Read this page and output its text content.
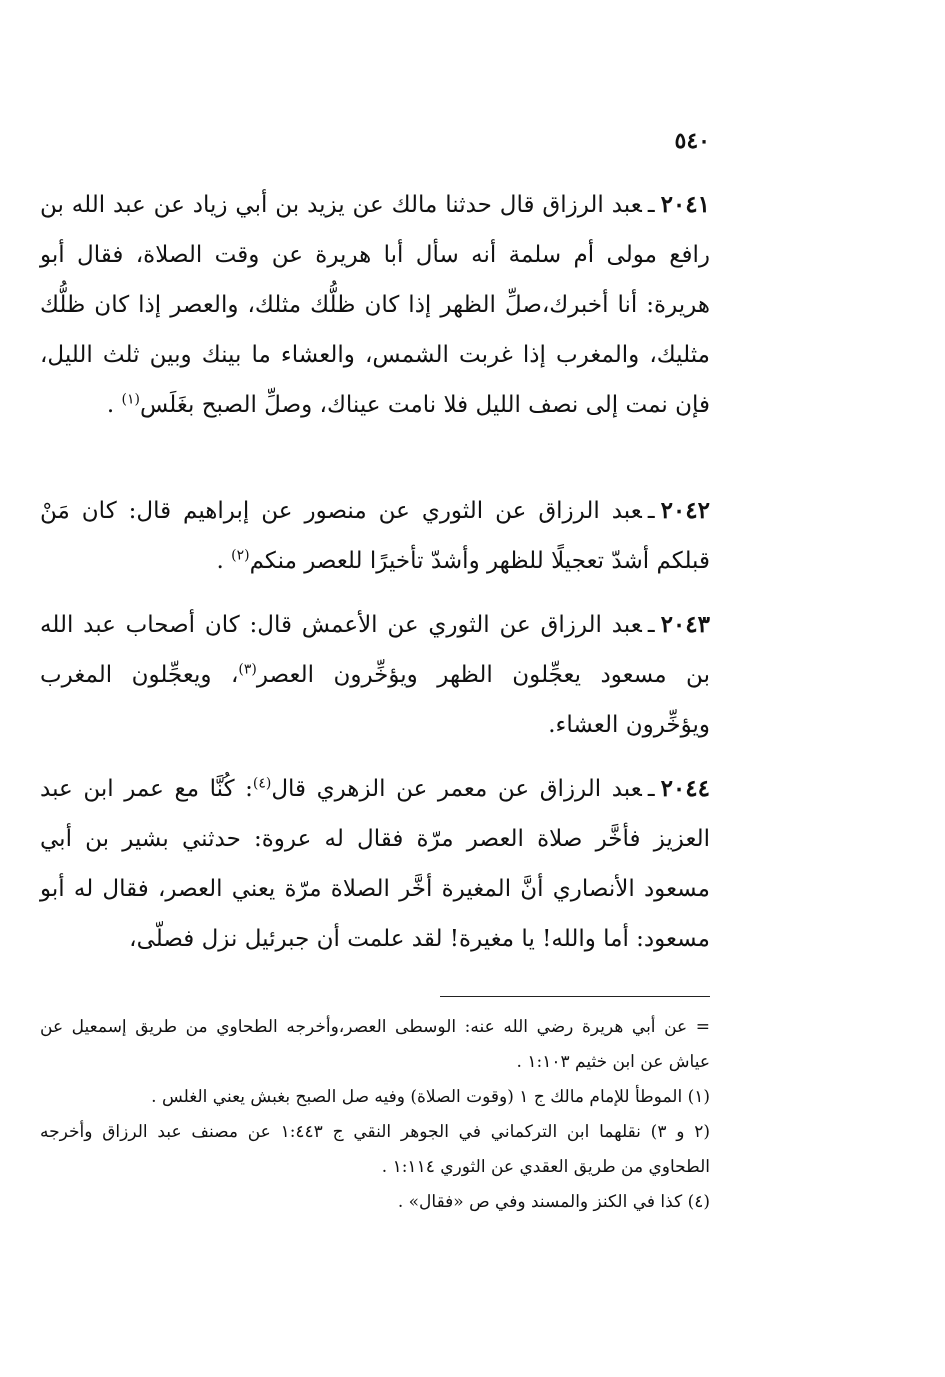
٥٤٠

٢٠٤١ـعبد الرزاق قال حدثنا مالك عن يزيد بن أبي زياد عن عبد الله بن رافع مولى أم سلمة أنه سأل أبا هريرة عن وقت الصلاة، فقال أبو هريرة: أنا أخبرك،صلِّ الظهر إذا كان ظلُّك مثلك، والعصر إذا كان ظلُّك مثليك، والمغرب إذا غربت الشمس، والعشاء ما بينك وبين ثلث الليل، فإن نمت إلى نصف الليل فلا نامت عيناك، وصلِّ الصبح بغَلَس$^{(١)}$ .

٢٠٤٢ـعبد الرزاق عن الثوري عن منصور عن إبراهيم قال: كان مَنْ قبلكم أشدّ تعجيلًا للظهر وأشدّ تأخيرًا للعصر منكم$^{(٢)}$ .

٢٠٤٣ـعبد الرزاق عن الثوري عن الأعمش قال: كان أصحاب عبد الله بن مسعود يعجِّلون الظهر ويؤخِّرون العصر$^{(٣)}$، ويعجِّلون المغرب ويؤخِّرون العشاء.

٢٠٤٤ـعبد الرزاق عن معمر عن الزهري قال$^{(٤)}$: كُنَّا مع عمر ابن عبد العزيز فأخَّر صلاة العصر مرّة فقال له عروة: حدثني بشير بن أبي مسعود الأنصاري أنَّ المغيرة أخَّر الصلاة مرّة يعني العصر، فقال له أبو مسعود: أما والله! يا مغيرة! لقد علمت أن جبرئيل نزل فصلّى،

= عن أبي هريرة رضي الله عنه: الوسطى العصر،وأخرجه الطحاوي من طريق إسمعيل عن عياش عن ابن خثيم ١:١٠٣ .

(١) الموطأ للإمام مالك ج ١ (وقوت الصلاة) وفيه صل الصبح بغبش يعني الغلس .

(٢ و ٣) نقلهما ابن التركماني في الجوهر النقي ج ١:٤٤٣ عن مصنف عبد الرزاق وأخرجه الطحاوي من طريق العقدي عن الثوري ١:١١٤ .

(٤) كذا في الكنز والمسند وفي ص «فقال» .
